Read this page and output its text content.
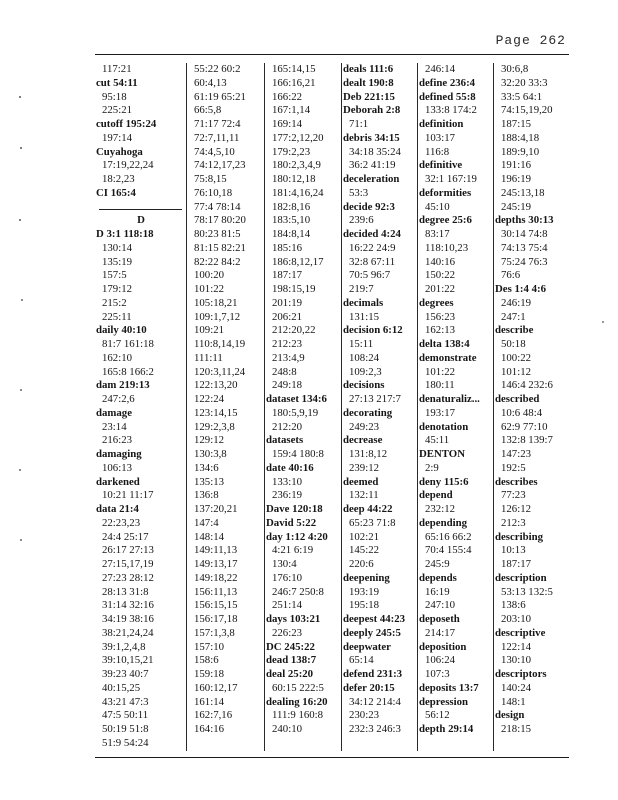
Page 262
117:21
cut 54:11
95:18
225:21
cutoff 195:24
197:14
Cuyahoga
17:19,22,24
18:2,23
CI 165:4
D
D 3:1 118:18
130:14
135:19
157:5
179:12
215:2
225:11
daily 40:10
81:7 161:18
162:10
165:8 166:2
dam 219:13
247:2,6
damage
23:14
216:23
damaging
106:13
darkened
10:21 11:17
data 21:4
22:23,23
24:4 25:17
26:17 27:13
27:15,17,19
27:23 28:12
28:13 31:8
31:14 32:16
34:19 38:16
38:21,24,24
39:1,2,4,8
39:10,15,21
39:23 40:7
40:15,25
43:21 47:3
47:5 50:11
50:19 51:8
51:9 54:24
55:22 60:2
60:4,13
61:19 65:21
66:5,8
71:17 72:4
72:7,11,11
74:4,5,10
74:12,17,23
75:8,15
76:10,18
77:4 78:14
78:17 80:20
80:23 81:5
81:15 82:21
82:22 84:2
100:20
101:22
105:18,21
109:1,7,12
109:21
110:8,14,19
111:11
120:3,11,24
122:13,20
122:24
123:14,15
129:2,3,8
129:12
130:3,8
134:6
135:13
136:8
137:20,21
147:4
148:14
149:11,13
149:13,17
149:18,22
156:11,13
156:15,15
156:17,18
157:1,3,8
157:10
158:6
159:18
160:12,17
161:14
162:7,16
164:16
165:14,15
166:16,21
166:22
167:1,14
169:14
177:2,12,20
179:2,23
180:2,3,4,9
180:12,18
181:4,16,24
182:8,16
183:5,10
184:8,14
185:16
186:8,12,17
187:17
198:15,19
201:19
206:21
212:20,22
212:23
213:4,9
248:8
249:18
dataset 134:6
180:5,9,19
212:20
datasets
159:4 180:8
date 40:16
133:10
236:19
Dave 120:18
David 5:22
day 1:12 4:20
4:21 6:19
130:4
176:10
246:7 250:8
251:14
days 103:21
226:23
DC 245:22
dead 138:7
deal 25:20
60:15 222:5
dealing 16:20
111:9 160:8
240:10
deals 111:6
dealt 190:8
Deb 221:15
Deborah 2:8
71:1
debris 34:15
34:18 35:24
36:2 41:19
deceleration
53:3
decide 92:3
239:6
decided 4:24
16:22 24:9
32:8 67:11
70:5 96:7
219:7
decimals
131:15
decision 6:12
15:11
108:24
109:2,3
decisions
27:13 217:7
decorating
249:23
decrease
131:8,12
239:12
deemed
132:11
deep 44:22
65:23 71:8
102:21
145:22
220:6
deepening
193:19
195:18
deepest 44:23
deeply 245:5
deepwater
65:14
defend 231:3
defer 20:15
34:12 214:4
230:23
232:3 246:3
246:14
define 236:4
defined 55:8
133:8 174:2
definition
103:17
116:8
definitive
32:1 167:19
deformities
45:10
degree 25:6
83:17
118:10,23
140:16
150:22
201:22
degrees
156:23
162:13
delta 138:4
demonstrate
101:22
180:11
denaturaliz...
193:17
denotation
45:11
DENTON
2:9
deny 115:6
depend
232:12
depending
65:16 66:2
70:4 155:4
245:9
depends
16:19
247:10
deposeth
214:17
deposition
106:24
107:3
deposits 13:7
depression
56:12
depth 29:14
30:6,8
32:20 33:3
33:5 64:1
74:15,19,20
187:15
188:4,18
189:9,10
191:16
196:19
245:13,18
245:19
depths 30:13
30:14 74:8
74:13 75:4
75:24 76:3
76:6
Des 1:4 4:6
246:19
247:1
describe
50:18
100:22
101:12
146:4 232:6
described
10:6 48:4
62:9 77:10
132:8 139:7
147:23
192:5
describes
77:23
126:12
212:3
describing
10:13
187:17
description
53:13 132:5
138:6
203:10
descriptive
122:14
130:10
descriptors
140:24
148:1
design
218:15
